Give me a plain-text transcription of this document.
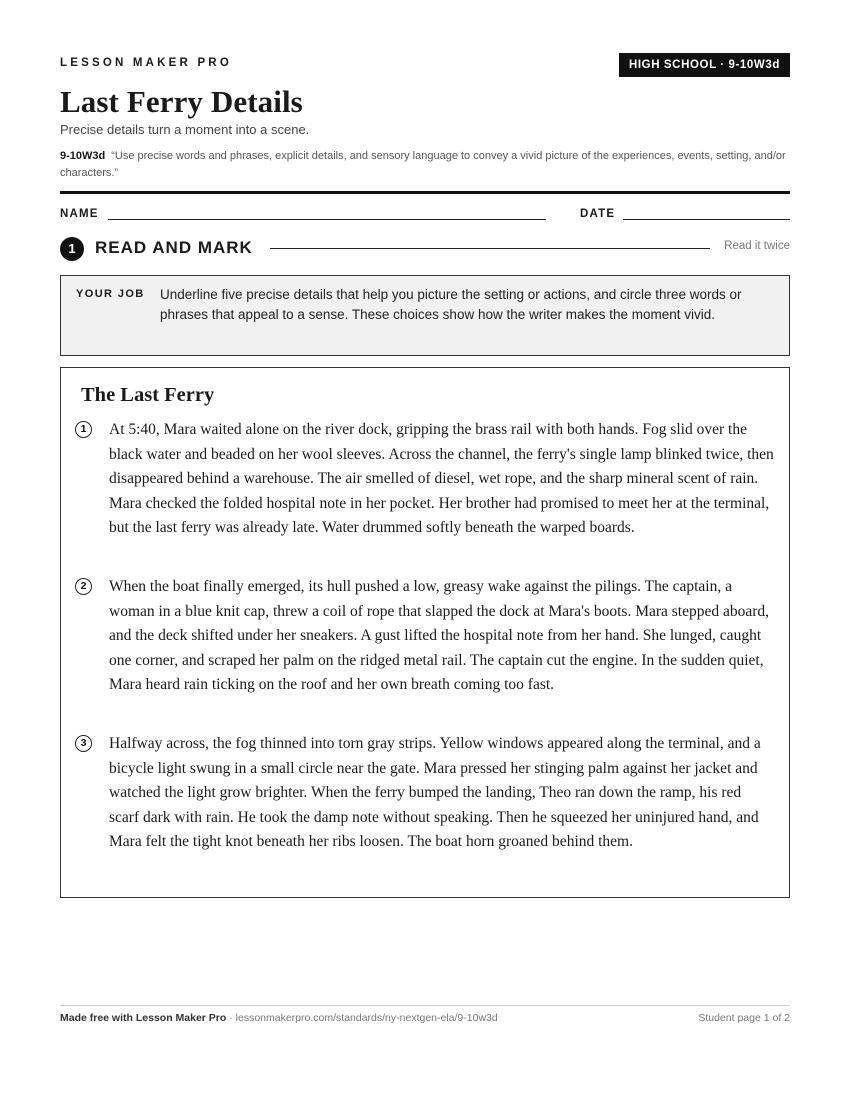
LESSON MAKER PRO	HIGH SCHOOL · 9-10W3d
Last Ferry Details
Precise details turn a moment into a scene.
9-10W3d “Use precise words and phrases, explicit details, and sensory language to convey a vivid picture of the experiences, events, setting, and/or characters.”
NAME	DATE
1	READ AND MARK	Read it twice
YOUR JOB Underline five precise details that help you picture the setting or actions, and circle three words or phrases that appeal to a sense. These choices show how the writer makes the moment vivid.
The Last Ferry
1	At 5:40, Mara waited alone on the river dock, gripping the brass rail with both hands. Fog slid over the black water and beaded on her wool sleeves. Across the channel, the ferry's single lamp blinked twice, then disappeared behind a warehouse. The air smelled of diesel, wet rope, and the sharp mineral scent of rain. Mara checked the folded hospital note in her pocket. Her brother had promised to meet her at the terminal, but the last ferry was already late. Water drummed softly beneath the warped boards.

2	When the boat finally emerged, its hull pushed a low, greasy wake against the pilings. The captain, a woman in a blue knit cap, threw a coil of rope that slapped the dock at Mara's boots. Mara stepped aboard, and the deck shifted under her sneakers. A gust lifted the hospital note from her hand. She lunged, caught one corner, and scraped her palm on the ridged metal rail. The captain cut the engine. In the sudden quiet, Mara heard rain ticking on the roof and her own breath coming too fast.

3	Halfway across, the fog thinned into torn gray strips. Yellow windows appeared along the terminal, and a bicycle light swung in a small circle near the gate. Mara pressed her stinging palm against her jacket and watched the light grow brighter. When the ferry bumped the landing, Theo ran down the ramp, his red scarf dark with rain. He took the damp note without speaking. Then he squeezed her uninjured hand, and Mara felt the tight knot beneath her ribs loosen. The boat horn groaned behind them.

Made free with Lesson Maker Pro · lessonmakerpro.com/standards/ny-nextgen-ela/9-10w3d	Student page 1 of 2
